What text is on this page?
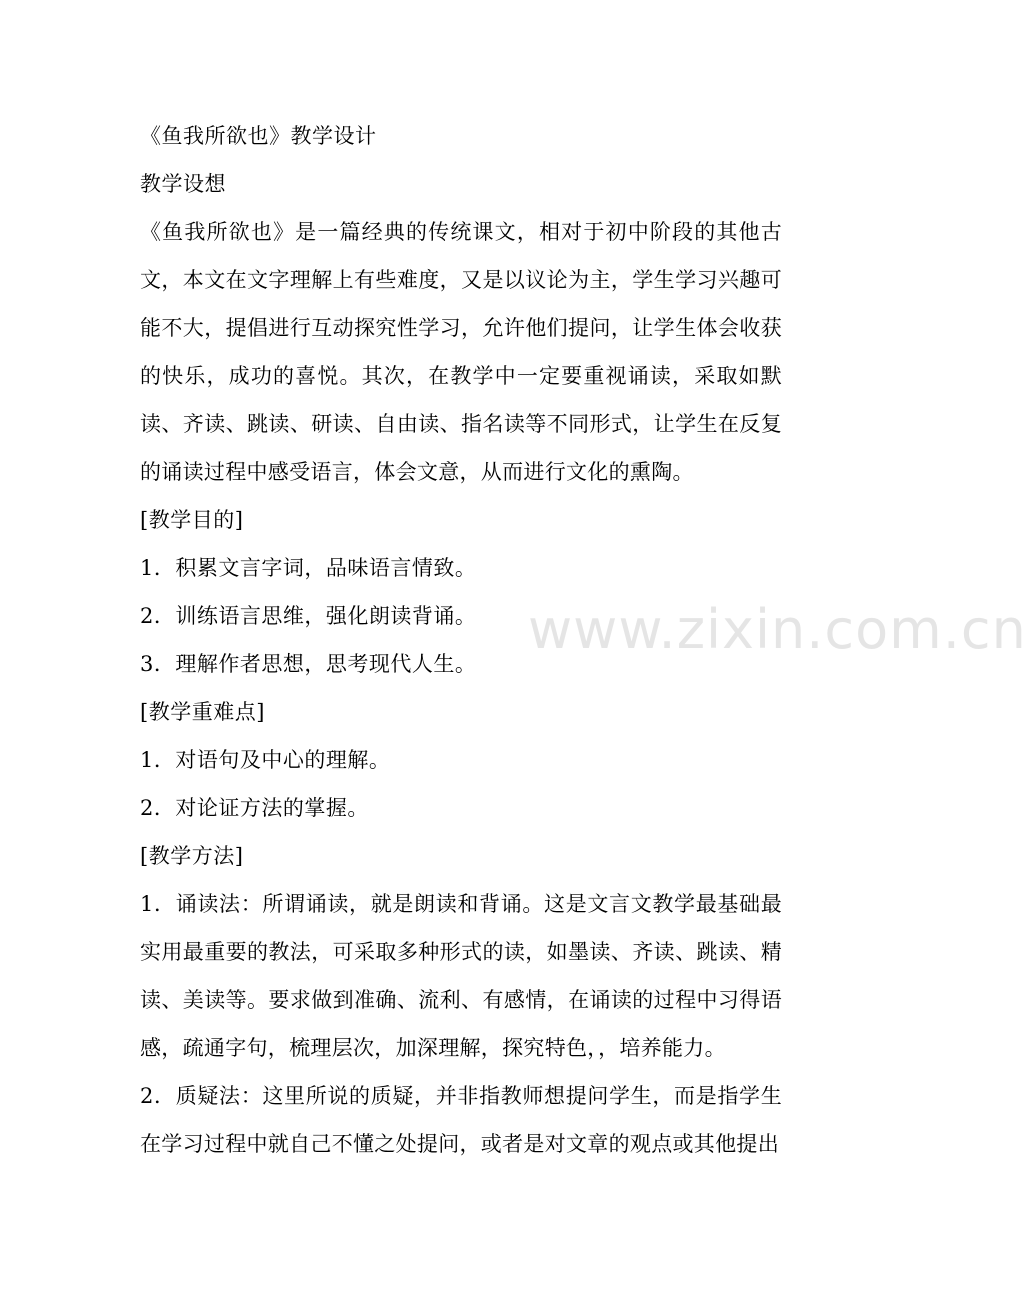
《鱼我所欲也》教学设计
教学设想
《鱼我所欲也》是一篇经典的传统课文，相对于初中阶段的其他古文，本文在文字理解上有些难度，又是以议论为主，学生学习兴趣可能不大，提倡进行互动探究性学习，允许他们提问，让学生体会收获的快乐，成功的喜悦。其次，在教学中一定要重视诵读，采取如默读、齐读、跳读、研读、自由读、指名读等不同形式，让学生在反复的诵读过程中感受语言，体会文意，从而进行文化的熏陶。
[教学目的]
1．积累文言字词，品味语言情致。
2．训练语言思维，强化朗读背诵。
3．理解作者思想，思考现代人生。
[教学重难点]
1．对语句及中心的理解。
2．对论证方法的掌握。
[教学方法]
1．诵读法：所谓诵读，就是朗读和背诵。这是文言文教学最基础最实用最重要的教法，可采取多种形式的读，如墨读、齐读、跳读、精读、美读等。要求做到准确、流利、有感情，在诵读的过程中习得语感，疏通字句，梳理层次，加深理解，探究特色，，培养能力。
2．质疑法：这里所说的质疑，并非指教师想提问学生，而是指学生在学习过程中就自己不懂之处提问，或者是对文章的观点或其他提出
www.zixin.com.cn
